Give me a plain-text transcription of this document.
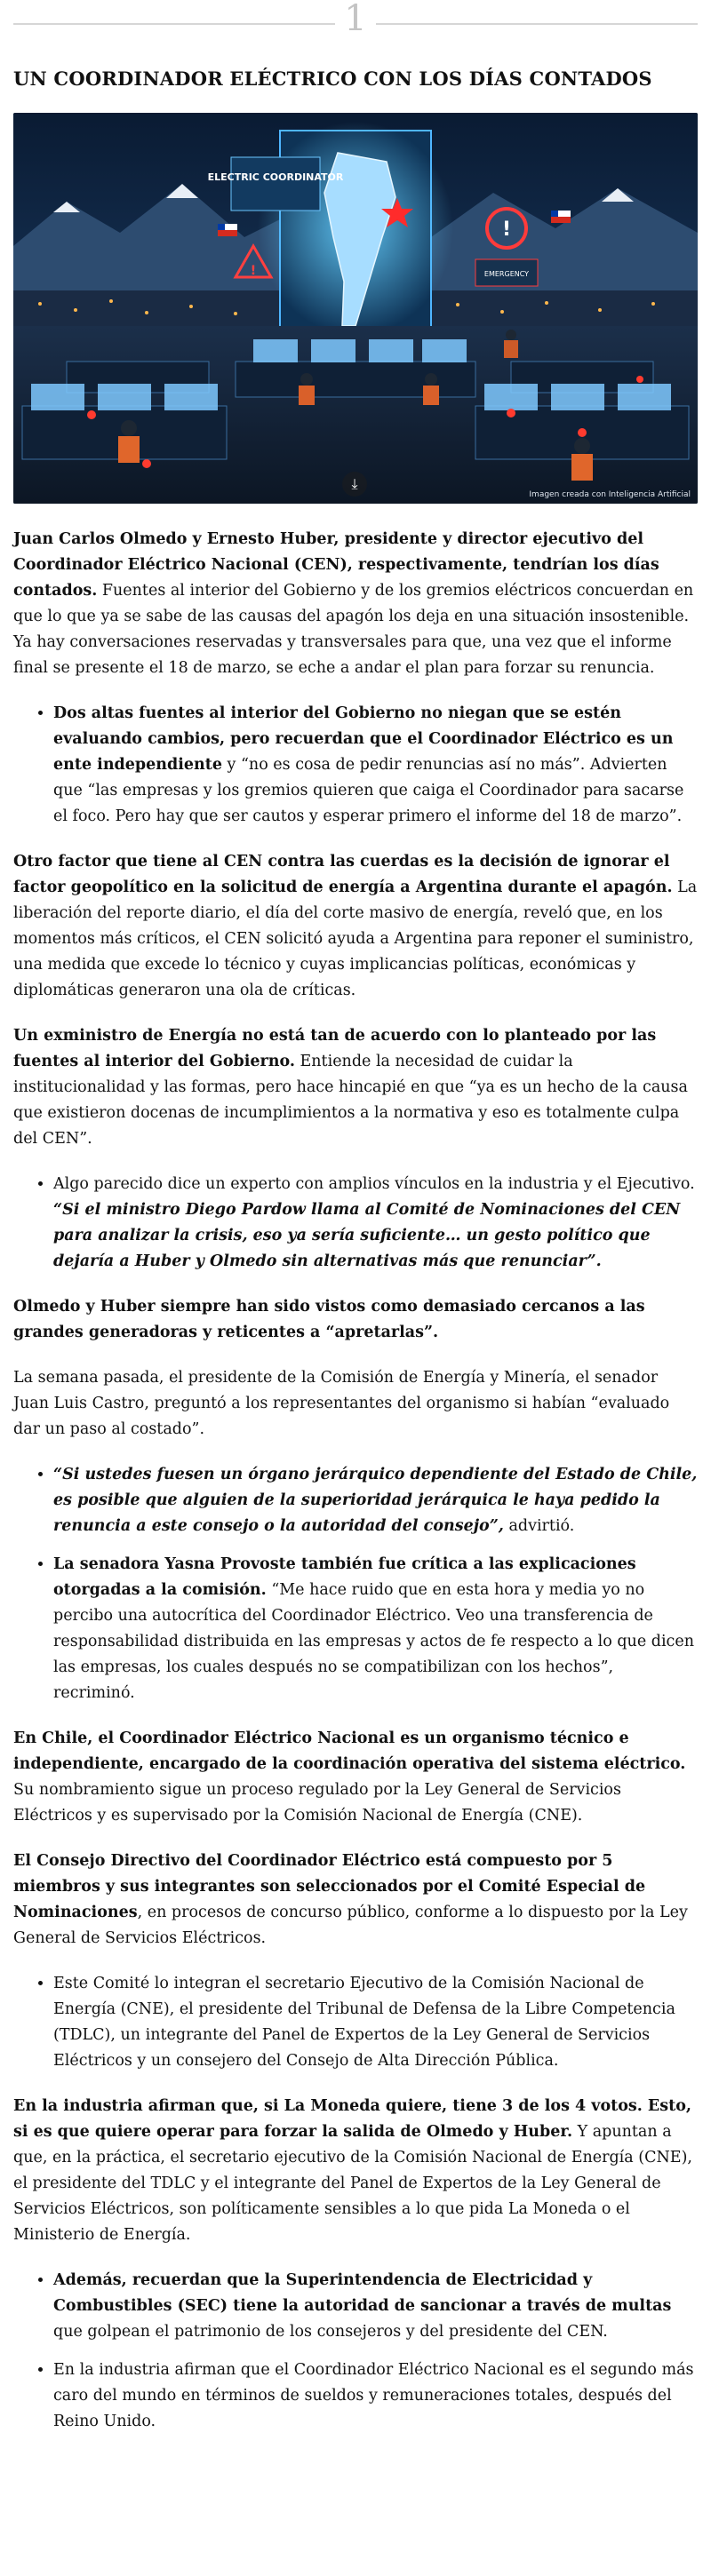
1
UN COORDINADOR ELÉCTRICO CON LOS DÍAS CONTADOS
ELECTRIC COORDINATOR
!
!
EMERGENCY
⤓
Imagen creada con Inteligencia Artificial

Juan Carlos Olmedo y Ernesto Huber, presidente y director ejecutivo del Coordinador Eléctrico Nacional (CEN), respectivamente, tendrían los días contados. Fuentes al interior del Gobierno y de los gremios eléctricos concuerdan en que lo que ya se sabe de las causas del apagón los deja en una situación insostenible. Ya hay conversaciones reservadas y transversales para que, una vez que el informe final se presente el 18 de marzo, se eche a andar el plan para forzar su renuncia.

• Dos altas fuentes al interior del Gobierno no niegan que se estén evaluando cambios, pero recuerdan que el Coordinador Eléctrico es un ente independiente y “no es cosa de pedir renuncias así no más”. Advierten que “las empresas y los gremios quieren que caiga el Coordinador para sacarse el foco. Pero hay que ser cautos y esperar primero el informe del 18 de marzo”.

Otro factor que tiene al CEN contra las cuerdas es la decisión de ignorar el factor geopolítico en la solicitud de energía a Argentina durante el apagón. La liberación del reporte diario, el día del corte masivo de energía, reveló que, en los momentos más críticos, el CEN solicitó ayuda a Argentina para reponer el suministro, una medida que excede lo técnico y cuyas implicancias políticas, económicas y diplomáticas generaron una ola de críticas.

Un exministro de Energía no está tan de acuerdo con lo planteado por las fuentes al interior del Gobierno. Entiende la necesidad de cuidar la institucionalidad y las formas, pero hace hincapié en que “ya es un hecho de la causa que existieron docenas de incumplimientos a la normativa y eso es totalmente culpa del CEN”.

• Algo parecido dice un experto con amplios vínculos en la industria y el Ejecutivo. “Si el ministro Diego Pardow llama al Comité de Nominaciones del CEN para analizar la crisis, eso ya sería suficiente… un gesto político que dejaría a Huber y Olmedo sin alternativas más que renunciar”.

Olmedo y Huber siempre han sido vistos como demasiado cercanos a las grandes generadoras y reticentes a “apretarlas”.

La semana pasada, el presidente de la Comisión de Energía y Minería, el senador Juan Luis Castro, preguntó a los representantes del organismo si habían “evaluado dar un paso al costado”.

• “Si ustedes fuesen un órgano jerárquico dependiente del Estado de Chile, es posible que alguien de la superioridad jerárquica le haya pedido la renuncia a este consejo o la autoridad del consejo”, advirtió.
• La senadora Yasna Provoste también fue crítica a las explicaciones otorgadas a la comisión. “Me hace ruido que en esta hora y media yo no percibo una autocrítica del Coordinador Eléctrico. Veo una transferencia de responsabilidad distribuida en las empresas y actos de fe respecto a lo que dicen las empresas, los cuales después no se compatibilizan con los hechos”, recriminó.

En Chile, el Coordinador Eléctrico Nacional es un organismo técnico e independiente, encargado de la coordinación operativa del sistema eléctrico. Su nombramiento sigue un proceso regulado por la Ley General de Servicios Eléctricos y es supervisado por la Comisión Nacional de Energía (CNE).

El Consejo Directivo del Coordinador Eléctrico está compuesto por 5 miembros y sus integrantes son seleccionados por el Comité Especial de Nominaciones, en procesos de concurso público, conforme a lo dispuesto por la Ley General de Servicios Eléctricos.

• Este Comité lo integran el secretario Ejecutivo de la Comisión Nacional de Energía (CNE), el presidente del Tribunal de Defensa de la Libre Competencia (TDLC), un integrante del Panel de Expertos de la Ley General de Servicios Eléctricos y un consejero del Consejo de Alta Dirección Pública.

En la industria afirman que, si La Moneda quiere, tiene 3 de los 4 votos. Esto, si es que quiere operar para forzar la salida de Olmedo y Huber. Y apuntan a que, en la práctica, el secretario ejecutivo de la Comisión Nacional de Energía (CNE), el presidente del TDLC y el integrante del Panel de Expertos de la Ley General de Servicios Eléctricos, son políticamente sensibles a lo que pida La Moneda o el Ministerio de Energía.

• Además, recuerdan que la Superintendencia de Electricidad y Combustibles (SEC) tiene la autoridad de sancionar a través de multas que golpean el patrimonio de los consejeros y del presidente del CEN.
• En la industria afirman que el Coordinador Eléctrico Nacional es el segundo más caro del mundo en términos de sueldos y remuneraciones totales, después del Reino Unido.
